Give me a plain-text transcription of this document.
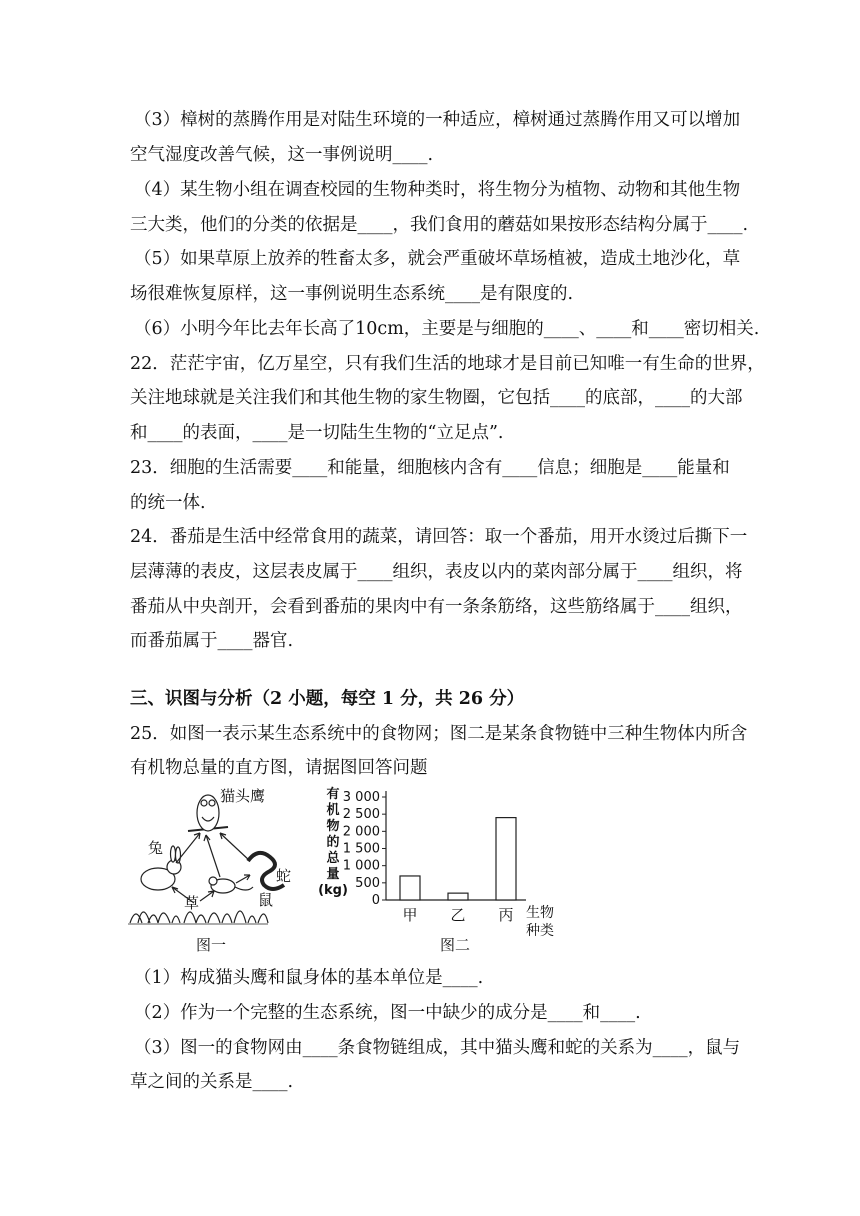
（3）樟树的蒸腾作用是对陆生环境的一种适应，樟树通过蒸腾作用又可以增加
空气湿度改善气候，这一事例说明____.
（4）某生物小组在调查校园的生物种类时，将生物分为植物、动物和其他生物
三大类，他们的分类的依据是____，我们食用的蘑菇如果按形态结构分属于____.
（5）如果草原上放养的牲畜太多，就会严重破坏草场植被，造成土地沙化，草
场很难恢复原样，这一事例说明生态系统____是有限度的.
（6）小明今年比去年长高了10cm，主要是与细胞的____、____和____密切相关.
22．茫茫宇宙，亿万星空，只有我们生活的地球才是目前已知唯一有生命的世界，
关注地球就是关注我们和其他生物的家生物圈，它包括____的底部，____的大部
和____的表面，____是一切陆生生物的“立足点”.
23．细胞的生活需要____和能量，细胞核内含有____信息；细胞是____能量和
的统一体.
24．番茄是生活中经常食用的蔬菜，请回答：取一个番茄，用开水烫过后撕下一
层薄薄的表皮，这层表皮属于____组织，表皮以内的菜肉部分属于____组织，将
番茄从中央剖开，会看到番茄的果肉中有一条条筋络，这些筋络属于____组织，
而番茄属于____器官.
三、识图与分析（2 小题，每空 1 分，共 26 分）
25．如图一表示某生态系统中的食物网；图二是某条食物链中三种生物体内所含
有机物总量的直方图，请据图回答问题
猫头鹰
兔
蛇
草	鼠
图一
有机物的总量(kg)
0
500
1 000
1 500
2 000
2 500
3 000
甲 乙 丙 生物
种类
图二
（1）构成猫头鹰和鼠身体的基本单位是____.
（2）作为一个完整的生态系统，图一中缺少的成分是____和____.
（3）图一的食物网由____条食物链组成，其中猫头鹰和蛇的关系为____，鼠与
草之间的关系是____.
